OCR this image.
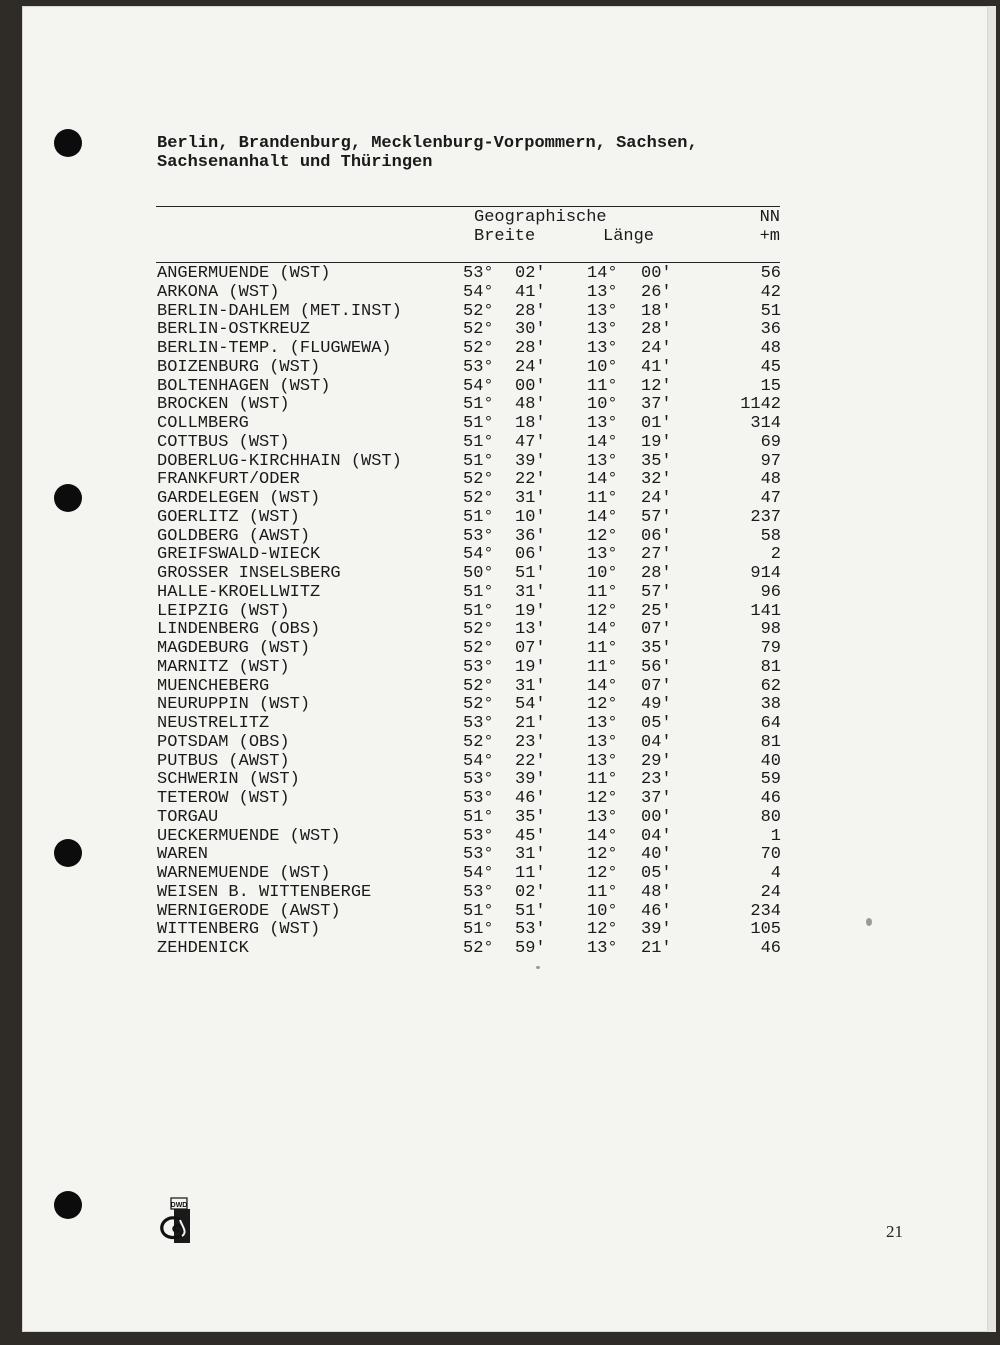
Berlin, Brandenburg, Mecklenburg-Vorpommern, Sachsen,
Sachsenanhalt und Thüringen
Geographische
Breite	Länge
NN
+m
ANGERMUENDE (WST)	53° 02′ 14° 00′	56
ARKONA (WST)	54° 41′ 13° 26′	42
BERLIN-DAHLEM (MET.INST)	52° 28′ 13° 18′	51
BERLIN-OSTKREUZ	52° 30′ 13° 28′	36
BERLIN-TEMP. (FLUGWEWA)	52° 28′ 13° 24′	48
BOIZENBURG (WST)	53° 24′ 10° 41′	45
BOLTENHAGEN (WST)	54° 00′ 11° 12′	15
BROCKEN (WST)	51° 48′ 10° 37′	1142
COLLMBERG	51° 18′ 13° 01′	314
COTTBUS (WST)	51° 47′ 14° 19′	69
DOBERLUG-KIRCHHAIN (WST)	51° 39′ 13° 35′	97
FRANKFURT/ODER	52° 22′ 14° 32′	48
GARDELEGEN (WST)	52° 31′ 11° 24′	47
GOERLITZ (WST)	51° 10′ 14° 57′	237
GOLDBERG (AWST)	53° 36′ 12° 06′	58
GREIFSWALD-WIECK	54° 06′ 13° 27′	2
GROSSER INSELSBERG	50° 51′ 10° 28′	914
HALLE-KROELLWITZ	51° 31′ 11° 57′	96
LEIPZIG (WST)	51° 19′ 12° 25′	141
LINDENBERG (OBS)	52° 13′ 14° 07′	98
MAGDEBURG (WST)	52° 07′ 11° 35′	79
MARNITZ (WST)	53° 19′ 11° 56′	81
MUENCHEBERG	52° 31′ 14° 07′	62
NEURUPPIN (WST)	52° 54′ 12° 49′	38
NEUSTRELITZ	53° 21′ 13° 05′	64
POTSDAM (OBS)	52° 23′ 13° 04′	81
PUTBUS (AWST)	54° 22′ 13° 29′	40
SCHWERIN (WST)	53° 39′ 11° 23′	59
TETEROW (WST)	53° 46′ 12° 37′	46
TORGAU	51° 35′ 13° 00′	80
UECKERMUENDE (WST)	53° 45′ 14° 04′	1
WAREN	53° 31′ 12° 40′	70
WARNEMUENDE (WST)	54° 11′ 12° 05′	4
WEISEN B. WITTENBERGE	53° 02′ 11° 48′	24
WERNIGERODE (AWST)	51° 51′ 10° 46′	234
WITTENBERG (WST)	51° 53′ 12° 39′	105
ZEHDENICK	52° 59′ 13° 21′	46
DWD
21
